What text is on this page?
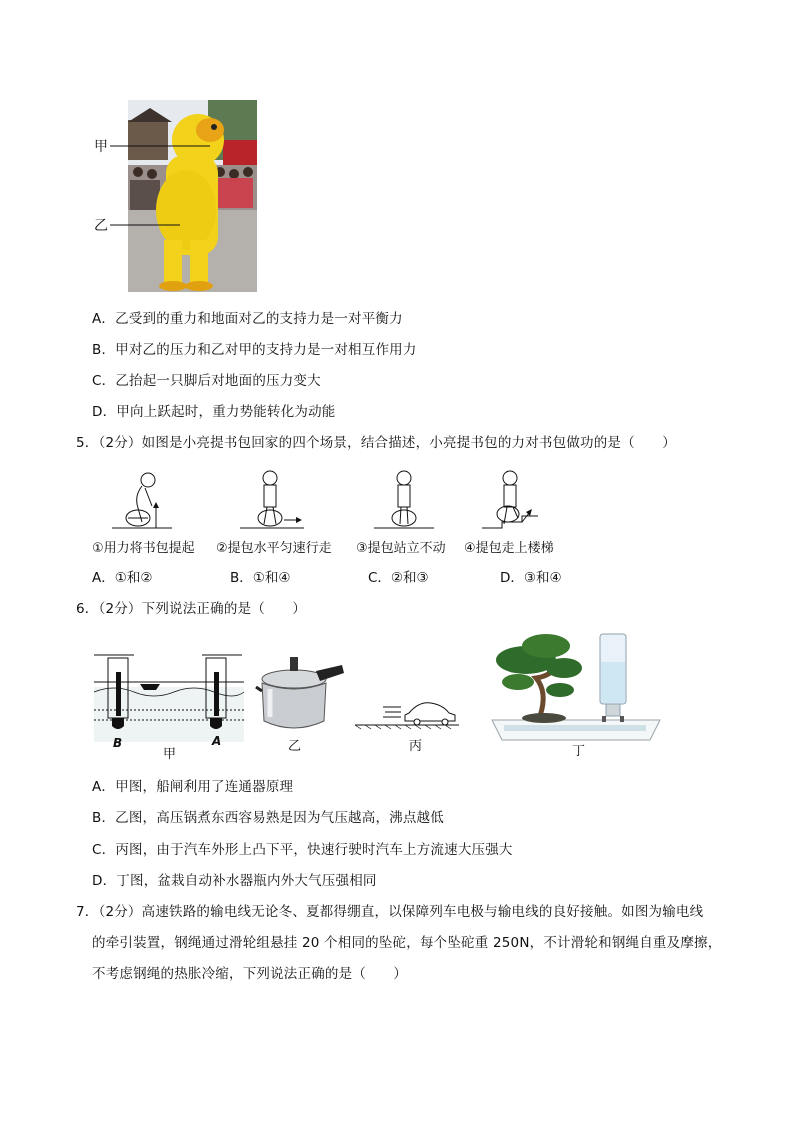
甲
乙
A．乙受到的重力和地面对乙的支持力是一对平衡力
B．甲对乙的压力和乙对甲的支持力是一对相互作用力
C．乙抬起一只脚后对地面的压力变大
D．甲向上跃起时，重力势能转化为动能
5．（2分）如图是小亮提书包回家的四个场景，结合描述，小亮提书包的力对书包做功的是（　　）
①用力将书包提起 ②提包水平匀速行走 ③提包站立不动 ④提包走上楼梯
A．①和②	B．①和④	C．②和③	D．③和④
6．（2分）下列说法正确的是（　　）
B	A
甲
乙	丙	丁
A．甲图，船闸利用了连通器原理
B．乙图，高压锅煮东西容易熟是因为气压越高，沸点越低
C．丙图，由于汽车外形上凸下平，快速行驶时汽车上方流速大压强大
D．丁图，盆栽自动补水器瓶内外大气压强相同
7．（2分）高速铁路的输电线无论冬、夏都得绷直，以保障列车电极与输电线的良好接触。如图为输电线
的牵引装置，钢绳通过滑轮组悬挂 20 个相同的坠砣，每个坠砣重 250N，不计滑轮和钢绳自重及摩擦，
不考虑钢绳的热胀冷缩，下列说法正确的是（　　）
